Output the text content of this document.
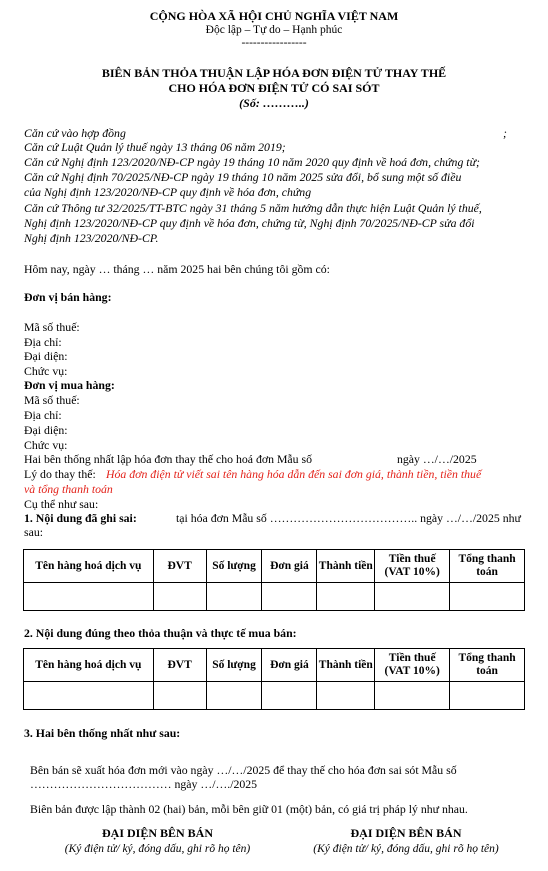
CỘNG HÒA XÃ HỘI CHỦ NGHĨA VIỆT NAM
Độc lập – Tự do – Hạnh phúc
-----------------
BIÊN BẢN THỎA THUẬN LẬP HÓA ĐƠN ĐIỆN TỬ THAY THẾ
CHO HÓA ĐƠN ĐIỆN TỬ CÓ SAI SÓT
(Số: ………..)
Căn cứ vào hợp đồng	;
Căn cứ Luật Quản lý thuế ngày 13 tháng 06 năm 2019;
Căn cứ Nghị định 123/2020/NĐ-CP ngày 19 tháng 10 năm 2020 quy định về hoá đơn, chứng từ;
Căn cứ Nghị định 70/2025/NĐ-CP ngày 19 tháng 10 năm 2025 sửa đổi, bổ sung một số điều
của Nghị định 123/2020/NĐ-CP quy định về hóa đơn, chứng
Căn cứ Thông tư 32/2025/TT-BTC ngày 31 tháng 5 năm hướng dẫn thực hiện Luật Quản lý thuế,
Nghị định 123/2020/NĐ-CP quy định về hóa đơn, chứng từ, Nghị định 70/2025/NĐ-CP sửa đổi
Nghị định 123/2020/NĐ-CP.
Hôm nay, ngày … tháng … năm 2025 hai bên chúng tôi gồm có:
Đơn vị bán hàng:
Mã số thuế:
Địa chỉ:
Đại diện:
Chức vụ:
Đơn vị mua hàng:
Mã số thuế:
Địa chỉ:
Đại diện:
Chức vụ:
Hai bên thống nhất lập hóa đơn thay thế cho hoá đơn Mẫu số	ngày …/…/2025
Lý do thay thế: Hóa đơn điện tử viết sai tên hàng hóa dẫn đến sai đơn giá, thành tiền, tiền thuế
và tổng thanh toán
Cụ thể như sau:
1. Nội dung đã ghi sai:	tại hóa đơn Mẫu số ……………………………….. ngày …/…/2025 như
sau:
Tên hàng hoá dịch vụ	ĐVT	Số lượng	Đơn giá	Thành tiền	Tiền thuế (VAT 10%)	Tổng thanh toán

2. Nội dung đúng theo thỏa thuận và thực tế mua bán:
Tên hàng hoá dịch vụ	ĐVT	Số lượng	Đơn giá	Thành tiền	Tiền thuế (VAT 10%)	Tổng thanh toán

3. Hai bên thống nhất như sau:
Bên bán sẽ xuất hóa đơn mới vào ngày …/…/2025 để thay thế cho hóa đơn sai sót Mẫu số
……………………………… ngày …/…./2025
Biên bản được lập thành 02 (hai) bản, mỗi bên giữ 01 (một) bản, có giá trị pháp lý như nhau.
ĐẠI DIỆN BÊN BÁN
(Ký điện tử/ ký, đóng dấu, ghi rõ họ tên)
ĐẠI DIỆN BÊN BÁN
(Ký điện tử/ ký, đóng dấu, ghi rõ họ tên)
